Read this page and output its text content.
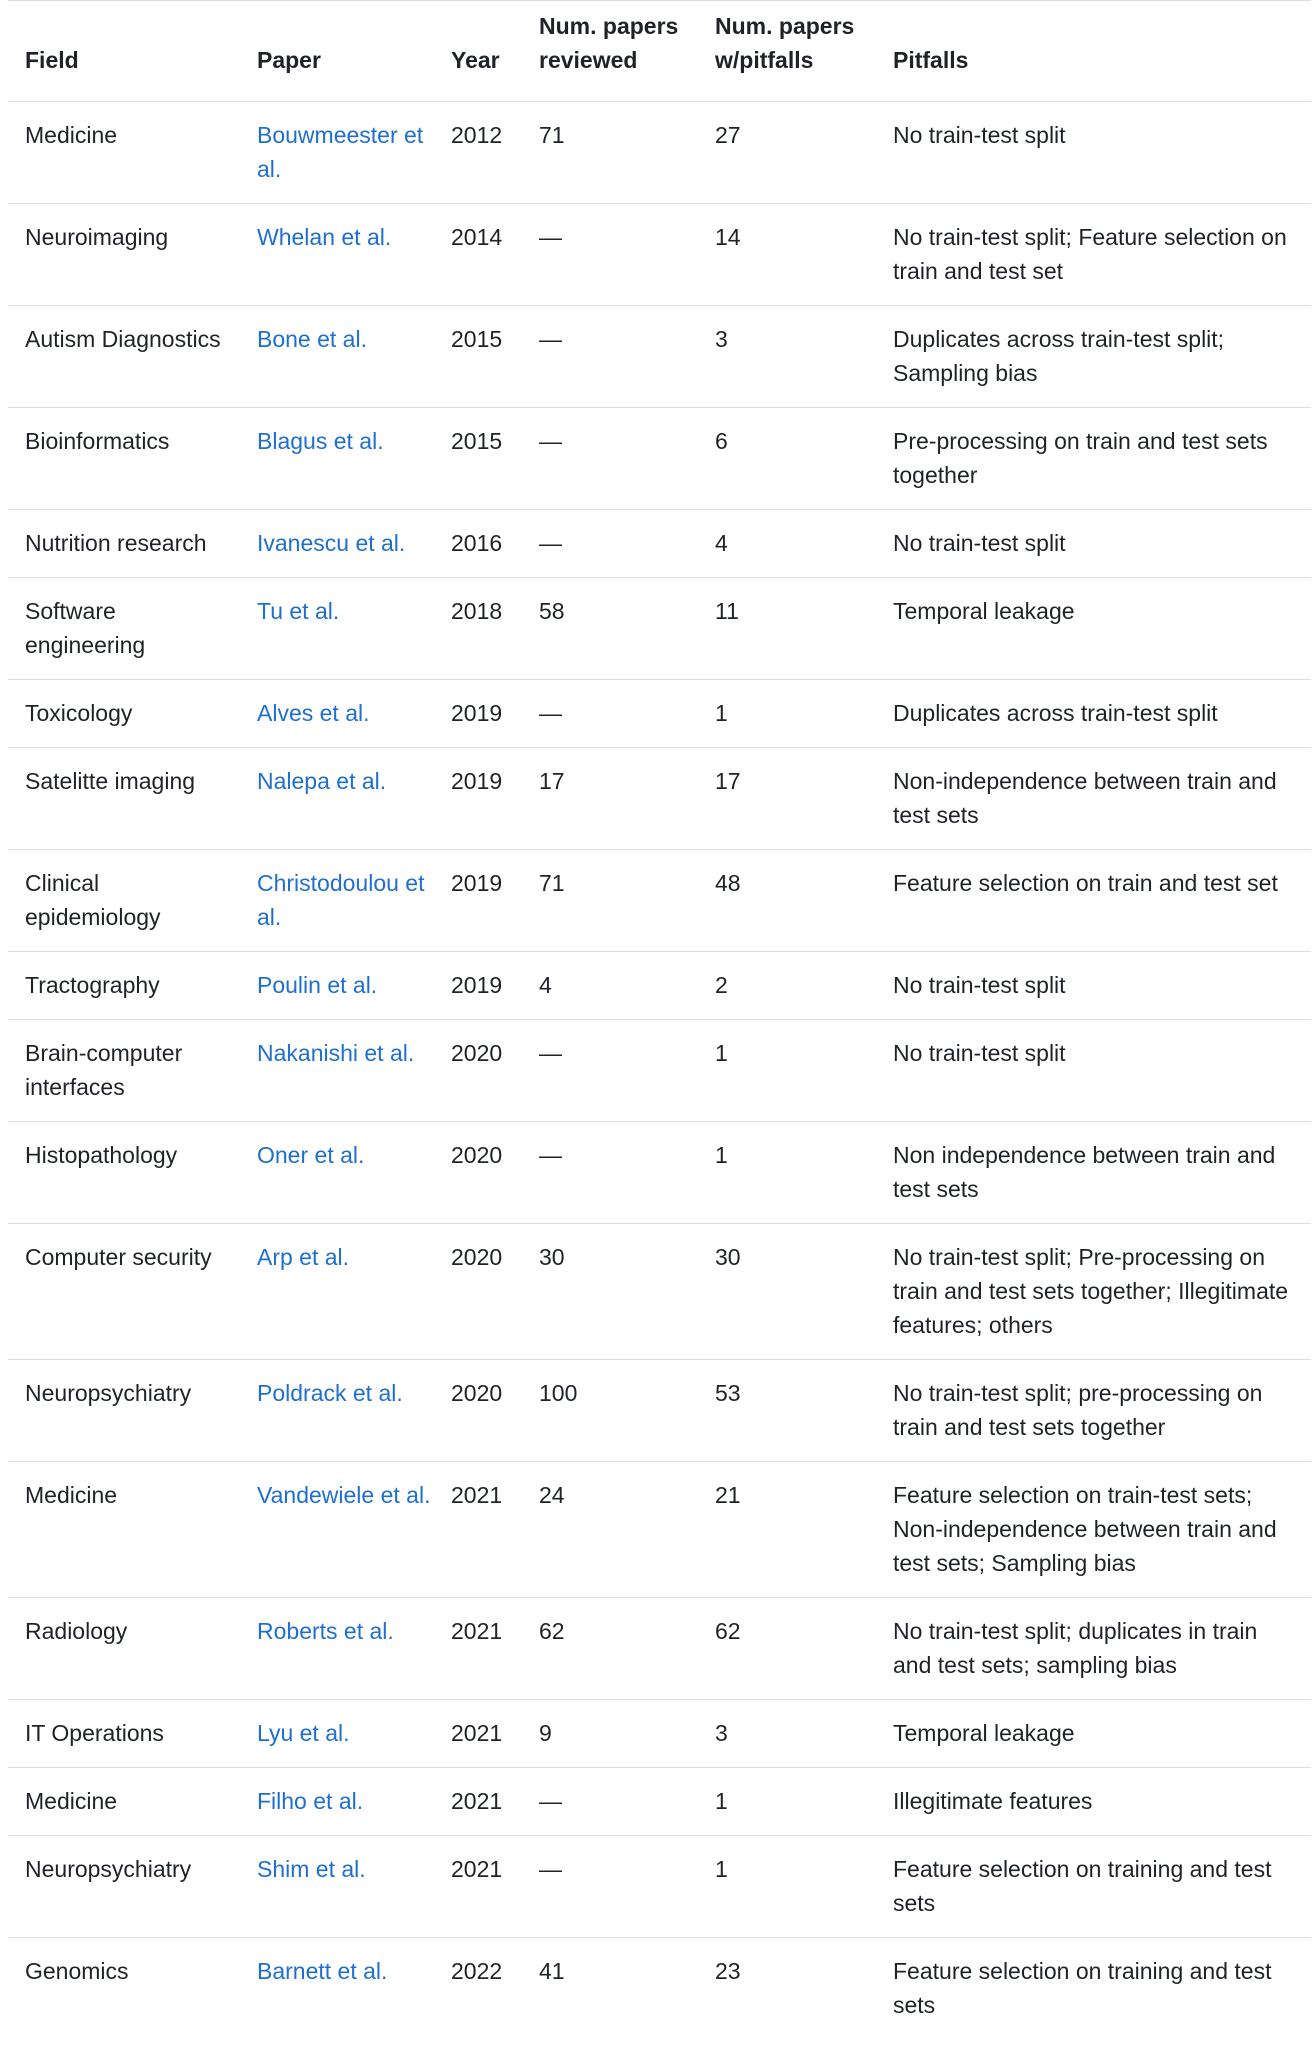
Field	Paper	Year	Num. papers reviewed	Num. papers w/pitfalls	Pitfalls
Medicine	Bouwmeester et al.	2012	71	27	No train-test split
Neuroimaging	Whelan et al.	2014	—	14	No train-test split; Feature selection on train and test set
Autism Diagnostics	Bone et al.	2015	—	3	Duplicates across train-test split; Sampling bias
Bioinformatics	Blagus et al.	2015	—	6	Pre-processing on train and test sets together
Nutrition research	Ivanescu et al.	2016	—	4	No train-test split
Software engineering	Tu et al.	2018	58	11	Temporal leakage
Toxicology	Alves et al.	2019	—	1	Duplicates across train-test split
Satelitte imaging	Nalepa et al.	2019	17	17	Non-independence between train and test sets
Clinical epidemiology	Christodoulou et al.	2019	71	48	Feature selection on train and test set
Tractography	Poulin et al.	2019	4	2	No train-test split
Brain-computer interfaces	Nakanishi et al.	2020	—	1	No train-test split
Histopathology	Oner et al.	2020	—	1	Non independence between train and test sets
Computer security	Arp et al.	2020	30	30	No train-test split; Pre-processing on train and test sets together; Illegitimate features; others
Neuropsychiatry	Poldrack et al.	2020	100	53	No train-test split; pre-processing on train and test sets together
Medicine	Vandewiele et al.	2021	24	21	Feature selection on train-test sets; Non-independence between train and test sets; Sampling bias
Radiology	Roberts et al.	2021	62	62	No train-test split; duplicates in train and test sets; sampling bias
IT Operations	Lyu et al.	2021	9	3	Temporal leakage
Medicine	Filho et al.	2021	—	1	Illegitimate features
Neuropsychiatry	Shim et al.	2021	—	1	Feature selection on training and test sets
Genomics	Barnett et al.	2022	41	23	Feature selection on training and test sets
